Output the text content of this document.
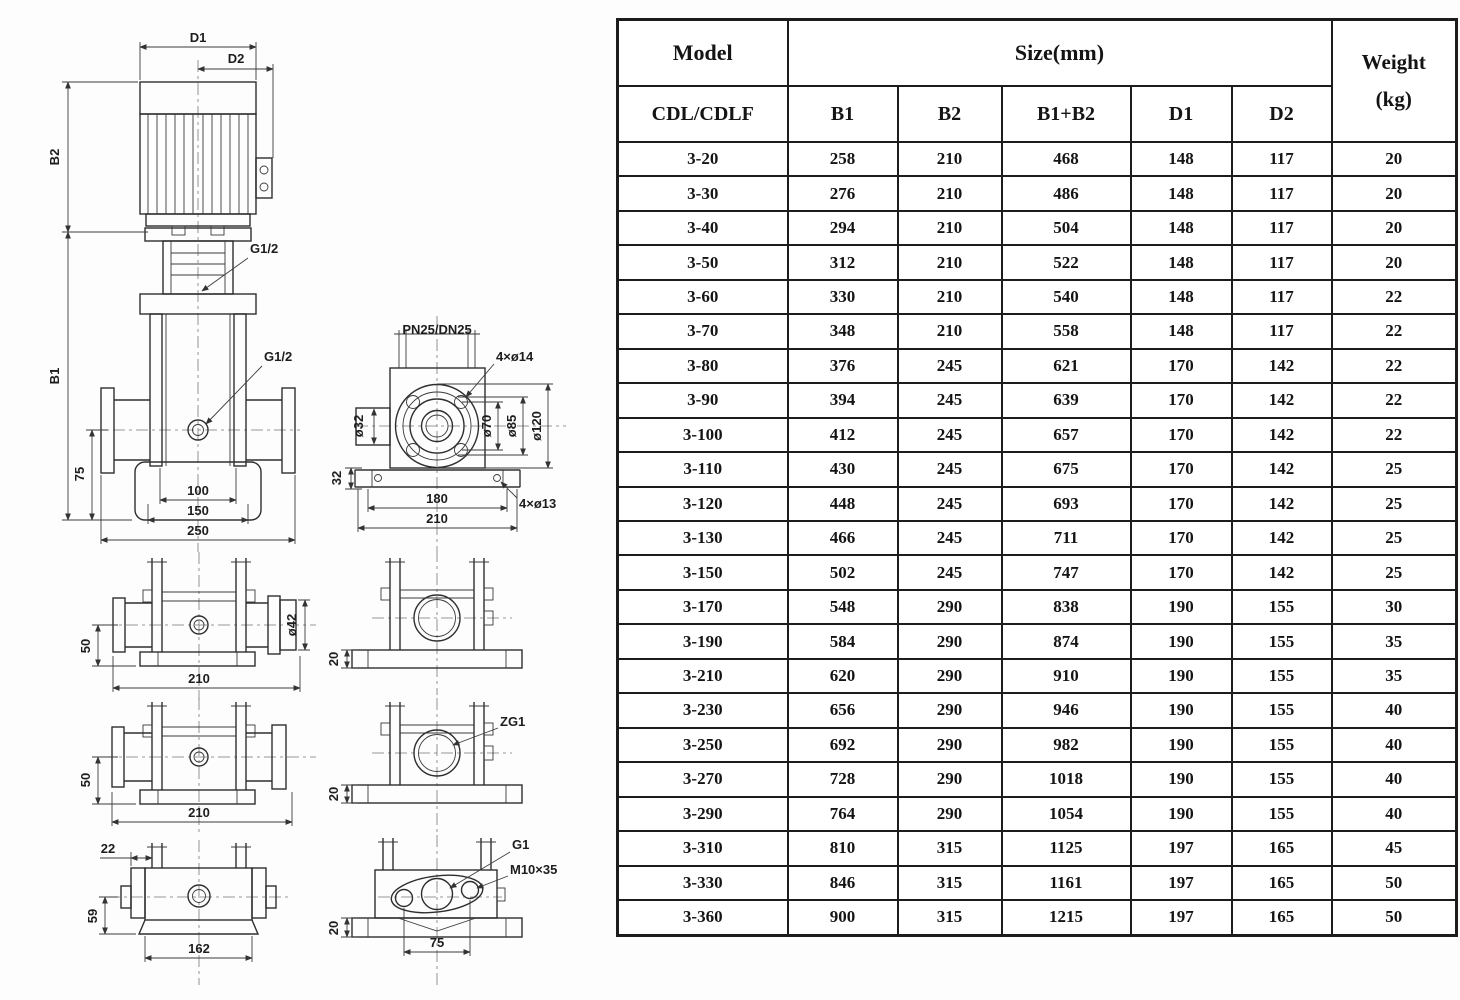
D1
D2
B2
B1
75
G1/2
G1/2
100
150
250
PN25/DN25
4×ø14
ø32	ø70 ø85 ø120
32
180
210
4×ø13
50
210
ø42
20
50
210
20
ZG1
22
59
162
20
75
G1
M10×35
Model	Size(mm)					Weight
(kg)

CDL/CDLF	B1	B2	B1+B2	D1	D2	
3-20	258	210	468	148	117	20
3-30	276	210	486	148	117	20
3-40	294	210	504	148	117	20
3-50	312	210	522	148	117	20
3-60	330	210	540	148	117	22
3-70	348	210	558	148	117	22
3-80	376	245	621	170	142	22
3-90	394	245	639	170	142	22
3-100	412	245	657	170	142	22
3-110	430	245	675	170	142	25
3-120	448	245	693	170	142	25
3-130	466	245	711	170	142	25
3-150	502	245	747	170	142	25
3-170	548	290	838	190	155	30
3-190	584	290	874	190	155	35
3-210	620	290	910	190	155	35
3-230	656	290	946	190	155	40
3-250	692	290	982	190	155	40
3-270	728	290	1018	190	155	40
3-290	764	290	1054	190	155	40
3-310	810	315	1125	197	165	45
3-330	846	315	1161	197	165	50
3-360	900	315	1215	197	165	50
